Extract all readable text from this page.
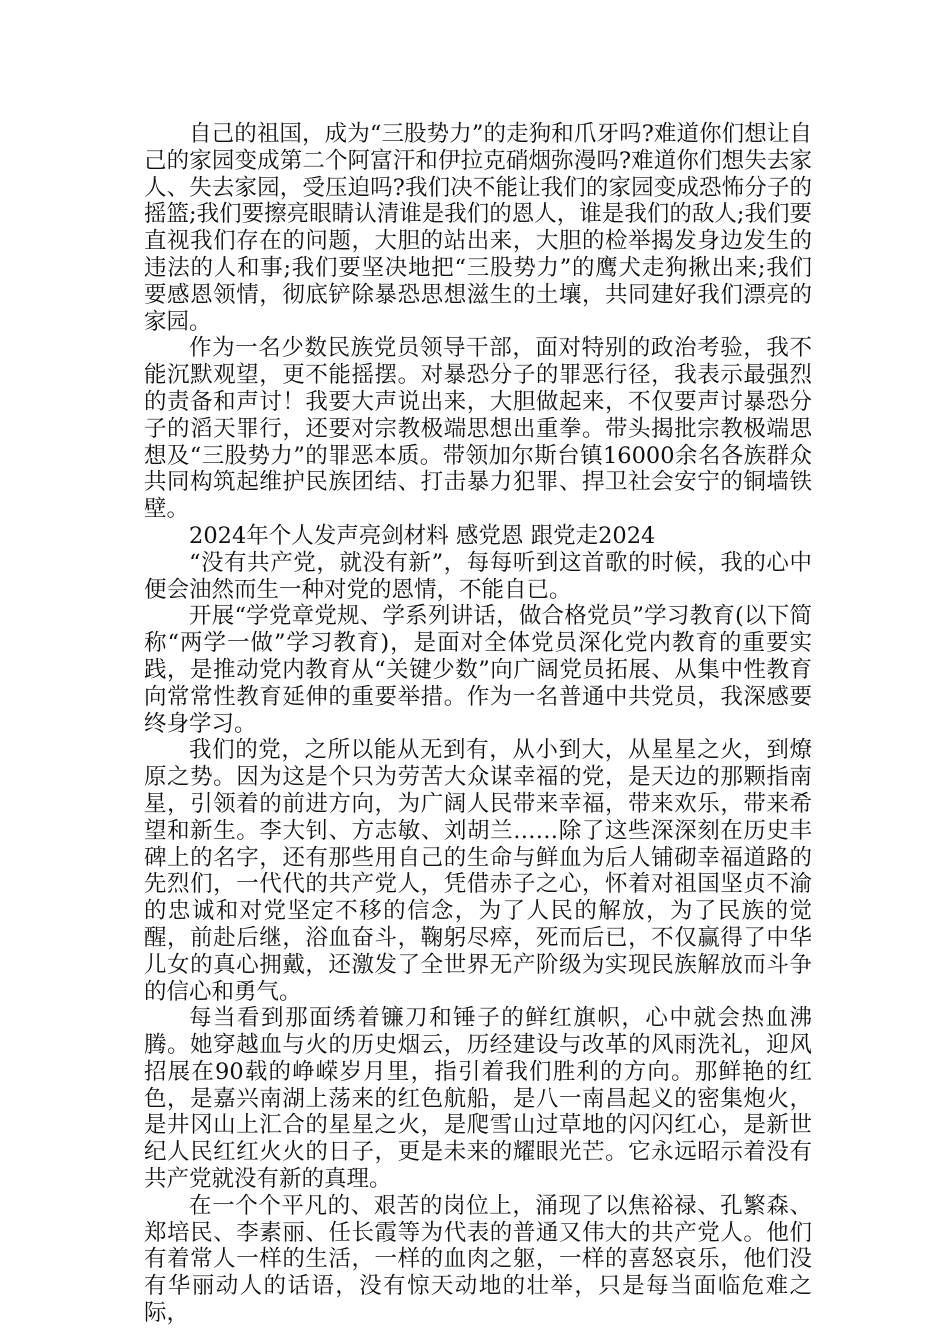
自己的祖国，成为“三股势力”的走狗和爪牙吗?难道你们想让自己的家园变成第二个阿富汗和伊拉克硝烟弥漫吗?难道你们想失去家人、失去家园，受压迫吗?我们决不能让我们的家园变成恐怖分子的摇篮;我们要擦亮眼睛认清谁是我们的恩人，谁是我们的敌人;我们要直视我们存在的问题，大胆的站出来，大胆的检举揭发身边发生的违法的人和事;我们要坚决地把“三股势力”的鹰犬走狗揪出来;我们要感恩领情，彻底铲除暴恐思想滋生的土壤，共同建好我们漂亮的家园。

作为一名少数民族党员领导干部，面对特别的政治考验，我不能沉默观望，更不能摇摆。对暴恐分子的罪恶行径，我表示最强烈的责备和声讨！我要大声说出来，大胆做起来，不仅要声讨暴恐分子的滔天罪行，还要对宗教极端思想出重拳。带头揭批宗教极端思想及“三股势力”的罪恶本质。带领加尔斯台镇16000余名各族群众共同构筑起维护民族团结、打击暴力犯罪、捍卫社会安宁的铜墙铁壁。

2024年个人发声亮剑材料 感党恩 跟党走2024

“没有共产党，就没有新”，每每听到这首歌的时候，我的心中便会油然而生一种对党的恩情，不能自已。

开展“学党章党规、学系列讲话，做合格党员”学习教育(以下简称“两学一做”学习教育)，是面对全体党员深化党内教育的重要实践，是推动党内教育从“关键少数”向广阔党员拓展、从集中性教育向常常性教育延伸的重要举措。作为一名普通中共党员，我深感要终身学习。

我们的党，之所以能从无到有，从小到大，从星星之火，到燎原之势。因为这是个只为劳苦大众谋幸福的党，是天边的那颗指南星，引领着的前进方向，为广阔人民带来幸福，带来欢乐，带来希望和新生。李大钊、方志敏、刘胡兰……除了这些深深刻在历史丰碑上的名字，还有那些用自己的生命与鲜血为后人铺砌幸福道路的先烈们，一代代的共产党人，凭借赤子之心，怀着对祖国坚贞不渝的忠诚和对党坚定不移的信念，为了人民的解放，为了民族的觉醒，前赴后继，浴血奋斗，鞠躬尽瘁，死而后已，不仅赢得了中华儿女的真心拥戴，还激发了全世界无产阶级为实现民族解放而斗争的信心和勇气。

每当看到那面绣着镰刀和锤子的鲜红旗帜，心中就会热血沸腾。她穿越血与火的历史烟云，历经建设与改革的风雨洗礼，迎风招展在90载的峥嵘岁月里，指引着我们胜利的方向。那鲜艳的红色，是嘉兴南湖上荡来的红色航船，是八一南昌起义的密集炮火，是井冈山上汇合的星星之火，是爬雪山过草地的闪闪红心，是新世纪人民红红火火的日子，更是未来的耀眼光芒。它永远昭示着没有共产党就没有新的真理。

在一个个平凡的、艰苦的岗位上，涌现了以焦裕禄、孔繁森、郑培民、李素丽、任长霞等为代表的普通又伟大的共产党人。他们有着常人一样的生活，一样的血肉之躯，一样的喜怒哀乐，他们没有华丽动人的话语，没有惊天动地的壮举，只是每当面临危难之际，
